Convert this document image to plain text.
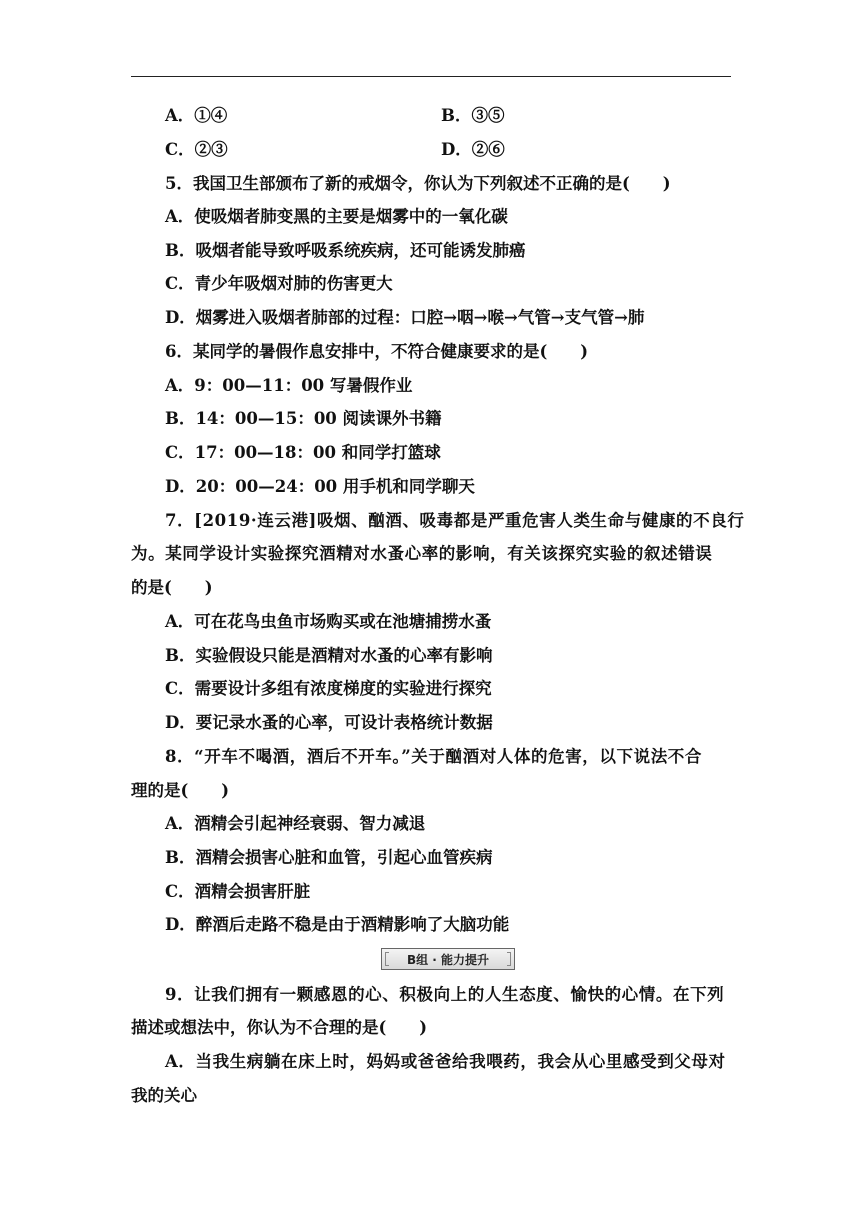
A．①④	B．③⑤
C．②③	D．②⑥
5．我国卫生部颁布了新的戒烟令，你认为下列叙述不正确的是(　　)
A．使吸烟者肺变黑的主要是烟雾中的一氧化碳
B．吸烟者能导致呼吸系统疾病，还可能诱发肺癌
C．青少年吸烟对肺的伤害更大
D．烟雾进入吸烟者肺部的过程：口腔→咽→喉→气管→支气管→肺
6．某同学的暑假作息安排中，不符合健康要求的是(　　)
A．9：00—11：00 写暑假作业
B．14：00—15：00 阅读课外书籍
C．17：00—18：00 和同学打篮球
D．20：00—24：00 用手机和同学聊天
7．[2019·连云港]吸烟、酗酒、吸毒都是严重危害人类生命与健康的不良行
为。某同学设计实验探究酒精对水蚤心率的影响，有关该探究实验的叙述错误
的是(　　)
A．可在花鸟虫鱼市场购买或在池塘捕捞水蚤
B．实验假设只能是酒精对水蚤的心率有影响
C．需要设计多组有浓度梯度的实验进行探究
D．要记录水蚤的心率，可设计表格统计数据
8．“开车不喝酒，酒后不开车。”关于酗酒对人体的危害，以下说法不合
理的是(　　)
A．酒精会引起神经衰弱、智力减退
B．酒精会损害心脏和血管，引起心血管疾病
C．酒精会损害肝脏
D．醉酒后走路不稳是由于酒精影响了大脑功能
B组 · 能力提升
9．让我们拥有一颗感恩的心、积极向上的人生态度、愉快的心情。在下列
描述或想法中，你认为不合理的是(　　)
A．当我生病躺在床上时，妈妈或爸爸给我喂药，我会从心里感受到父母对
我的关心
